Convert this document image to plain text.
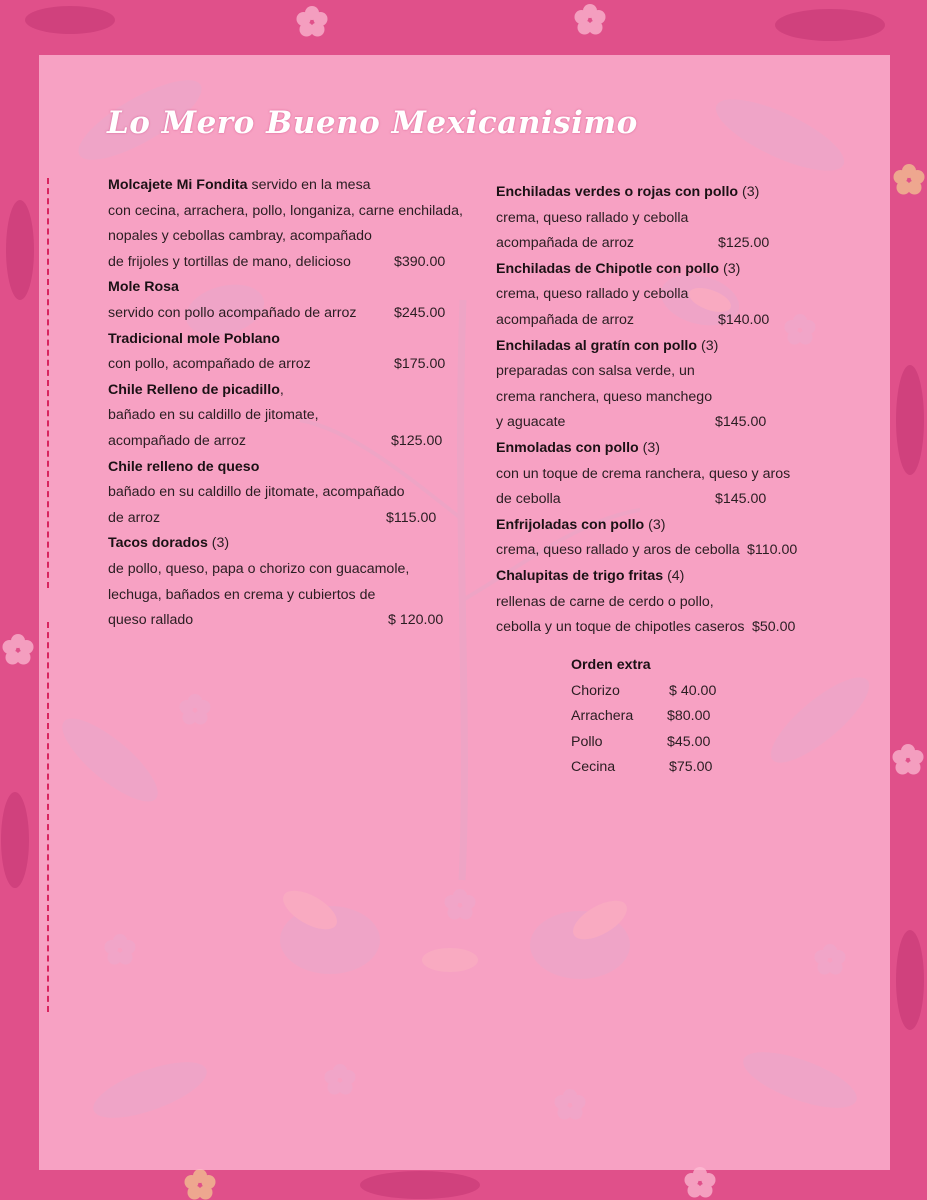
Lo Mero Bueno Mexicanisimo
Molcajete Mi Fondita servido en la mesa
con cecina, arrachera, pollo, longaniza, carne enchilada,
nopales y cebollas cambray, acompañado
de frijoles y tortillas de mano, delicioso	$390.00
Mole Rosa
servido con pollo acompañado de arroz	$245.00
Tradicional mole Poblano
con pollo, acompañado de arroz	$175.00
Chile Relleno de picadillo,
bañado en su caldillo de jitomate,
acompañado de arroz	$125.00
Chile relleno de queso
bañado en su caldillo de jitomate, acompañado
de arroz	$115.00
Tacos dorados (3)
de pollo, queso, papa o chorizo con guacamole,
lechuga, bañados en crema y cubiertos de
queso rallado	$ 120.00
Enchiladas verdes o rojas con pollo (3)
crema, queso rallado y cebolla
acompañada de arroz	$125.00
Enchiladas de Chipotle con pollo (3)
crema, queso rallado y cebolla
acompañada de arroz	$140.00
Enchiladas al gratín con pollo (3)
preparadas con salsa verde, un
crema ranchera, queso manchego
y aguacate	$145.00
Enmoladas con pollo (3)
con un toque de crema ranchera, queso y aros
de cebolla	$145.00
Enfrijoladas con pollo (3)
crema, queso rallado y aros de cebolla $110.00
Chalupitas de trigo fritas (4)
rellenas de carne de cerdo o pollo,
cebolla y un toque de chipotles caseros $50.00
Orden extra
Chorizo	$ 40.00
Arrachera $80.00
Pollo	$45.00
Cecina	$75.00
